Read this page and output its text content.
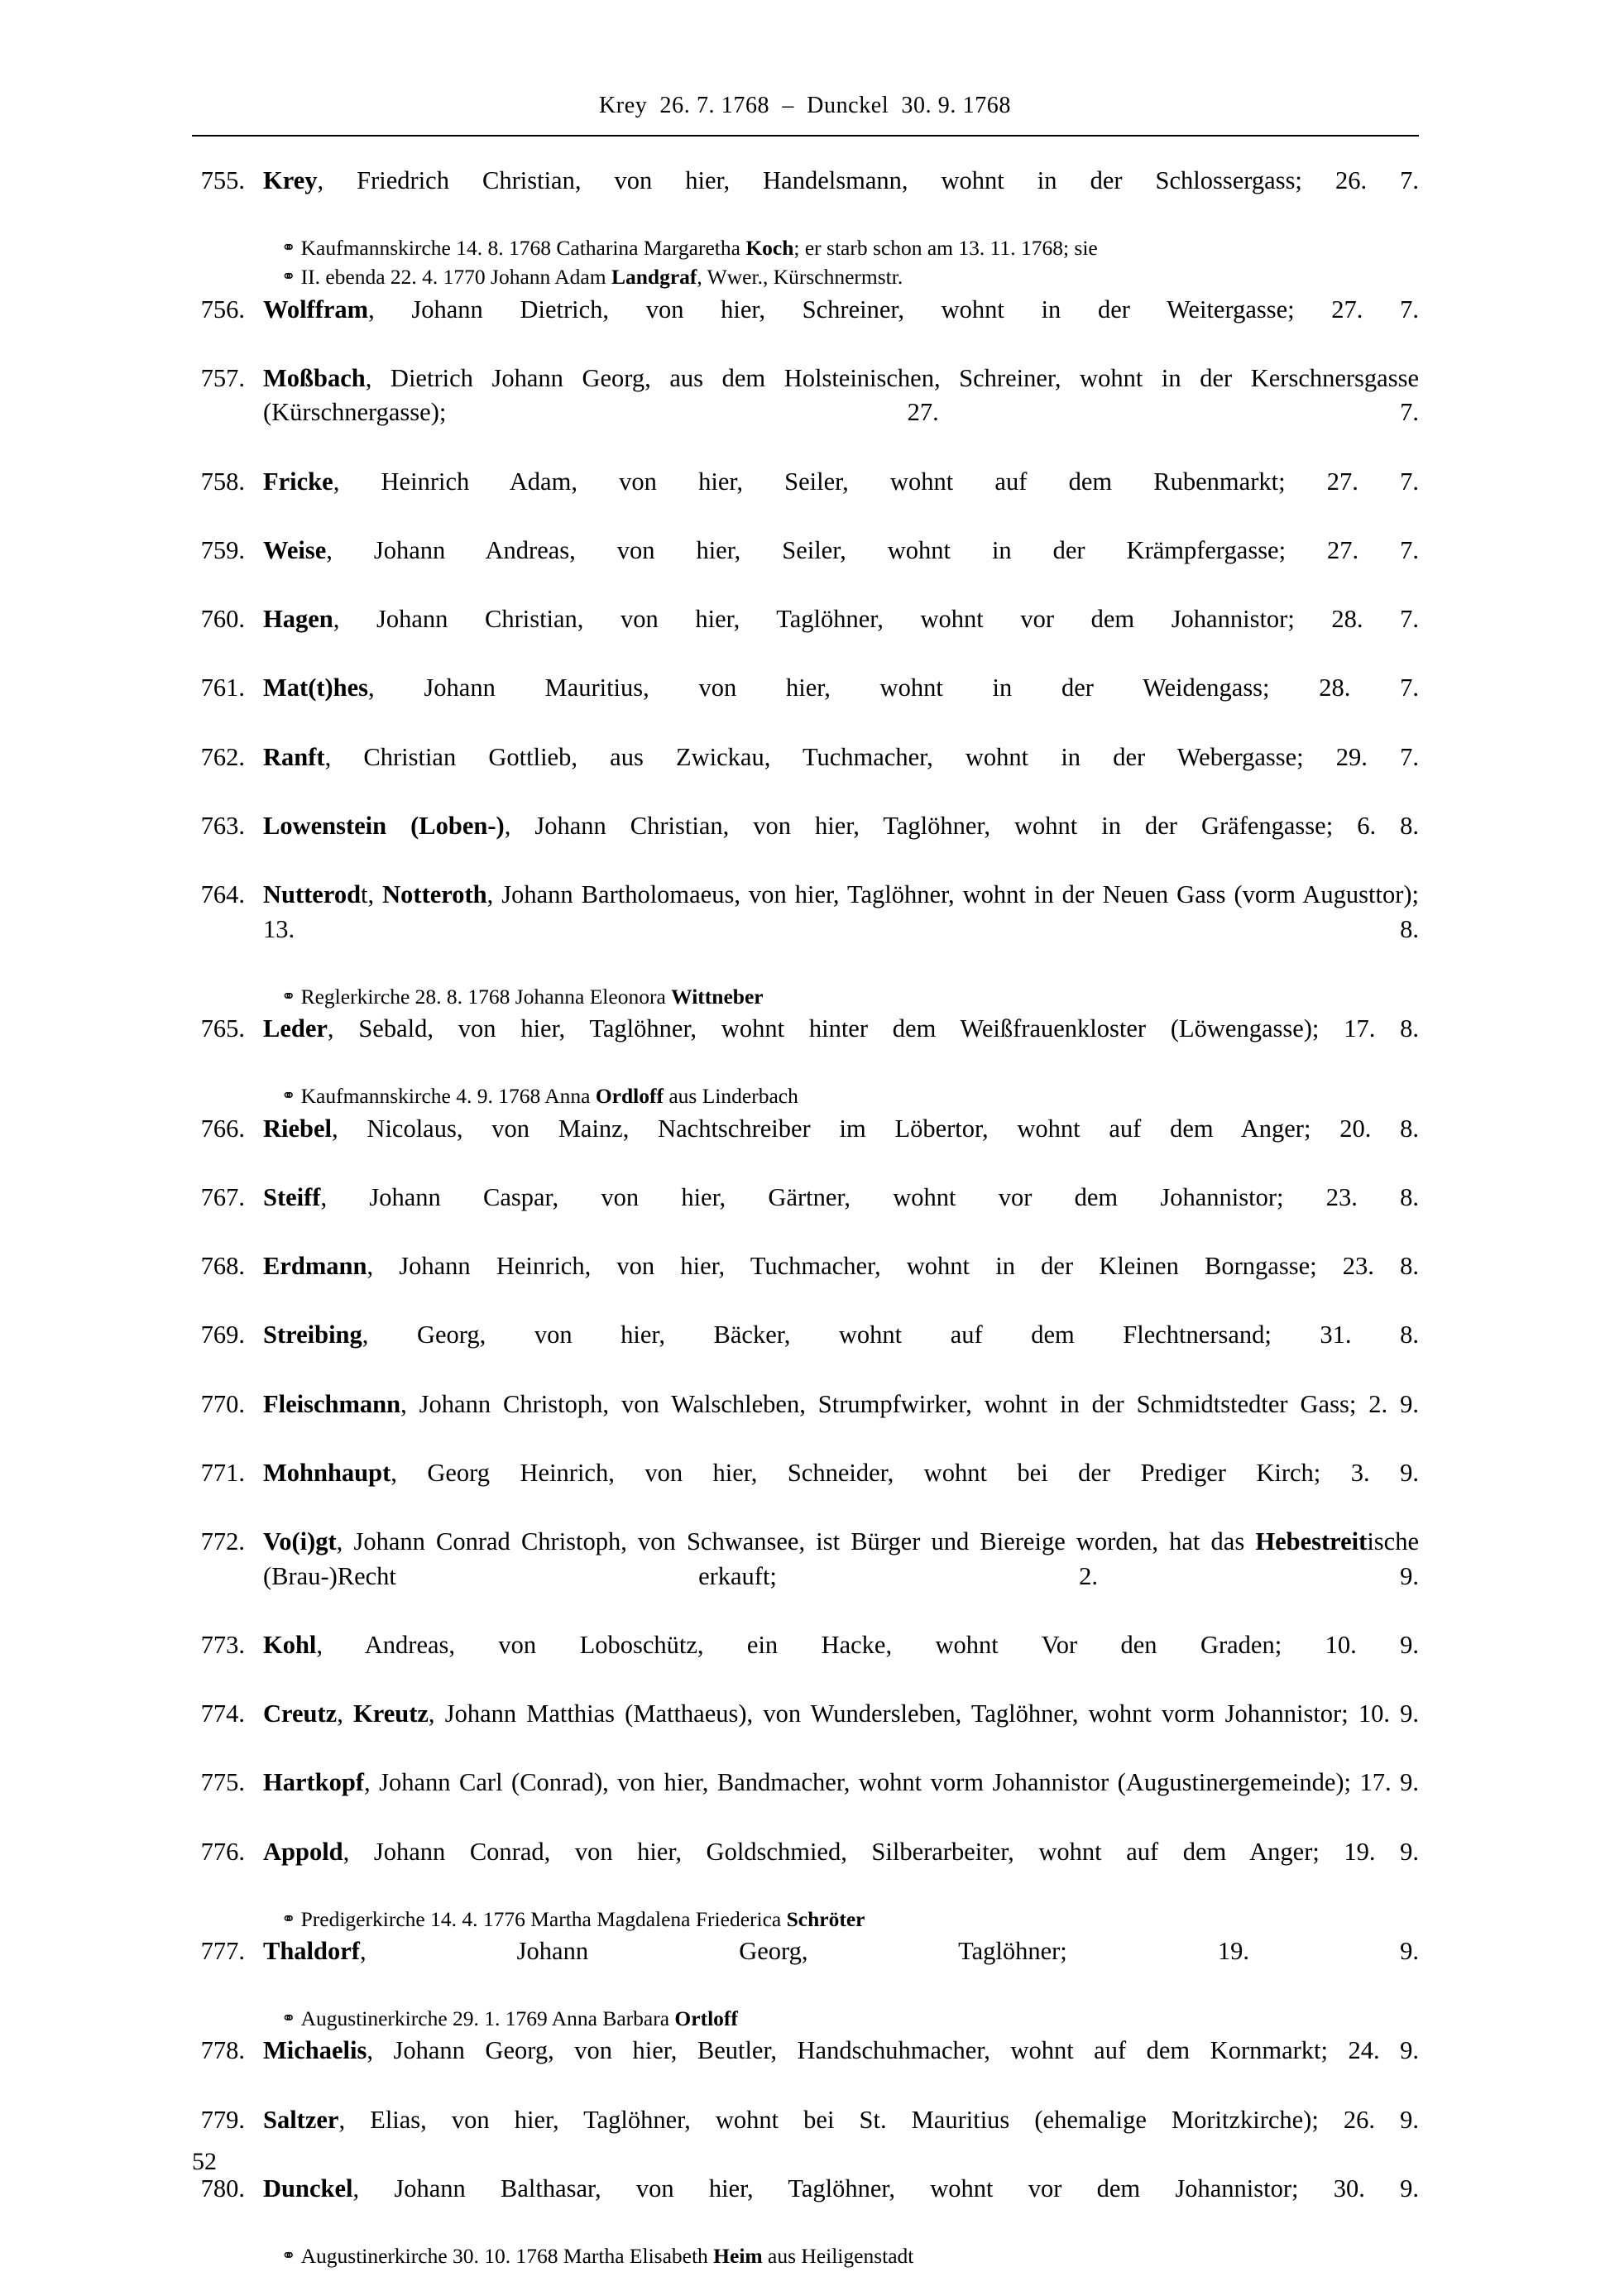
Krey  26. 7. 1768  –  Dunckel  30. 9. 1768
755. Krey, Friedrich Christian, von hier, Handelsmann, wohnt in der Schlossergass; 26. 7.
⚭ Kaufmannskirche 14. 8. 1768 Catharina Margaretha Koch; er starb schon am 13. 11. 1768; sie
⚭ II. ebenda 22. 4. 1770 Johann Adam Landgraf, Wwer., Kürschnermstr.
756. Wolffram, Johann Dietrich, von hier, Schreiner, wohnt in der Weitergasse; 27. 7.
757. Moßbach, Dietrich Johann Georg, aus dem Holsteinischen, Schreiner, wohnt in der Kerschnersgasse (Kürschnergasse); 27. 7.
758. Fricke, Heinrich Adam, von hier, Seiler, wohnt auf dem Rubenmarkt; 27. 7.
759. Weise, Johann Andreas, von hier, Seiler, wohnt in der Krämpfergasse; 27. 7.
760. Hagen, Johann Christian, von hier, Taglöhner, wohnt vor dem Johannistor; 28. 7.
761. Mat(t)hes, Johann Mauritius, von hier, wohnt in der Weidengass; 28. 7.
762. Ranft, Christian Gottlieb, aus Zwickau, Tuchmacher, wohnt in der Webergasse; 29. 7.
763. Lowenstein (Loben-), Johann Christian, von hier, Taglöhner, wohnt in der Gräfengasse; 6. 8.
764. Nutterodt, Notteroth, Johann Bartholomaeus, von hier, Taglöhner, wohnt in der Neuen Gass (vorm Augusttor); 13. 8.
⚭ Reglerkirche 28. 8. 1768 Johanna Eleonora Wittneber
765. Leder, Sebald, von hier, Taglöhner, wohnt hinter dem Weißfrauenkloster (Löwengasse); 17. 8.
⚭ Kaufmannskirche 4. 9. 1768 Anna Ordloff aus Linderbach
766. Riebel, Nicolaus, von Mainz, Nachtschreiber im Löbertor, wohnt auf dem Anger; 20. 8.
767. Steiff, Johann Caspar, von hier, Gärtner, wohnt vor dem Johannistor; 23. 8.
768. Erdmann, Johann Heinrich, von hier, Tuchmacher, wohnt in der Kleinen Borngasse; 23. 8.
769. Streibing, Georg, von hier, Bäcker, wohnt auf dem Flechtnersand; 31. 8.
770. Fleischmann, Johann Christoph, von Walschleben, Strumpfwirker, wohnt in der Schmidtstedter Gass; 2. 9.
771. Mohnhaupt, Georg Heinrich, von hier, Schneider, wohnt bei der Prediger Kirch; 3. 9.
772. Vo(i)gt, Johann Conrad Christoph, von Schwansee, ist Bürger und Biereige worden, hat das Hebestreitische (Brau-)Recht erkauft; 2. 9.
773. Kohl, Andreas, von Loboschütz, ein Hacke, wohnt Vor den Graden; 10. 9.
774. Creutz, Kreutz, Johann Matthias (Matthaeus), von Wundersleben, Taglöhner, wohnt vorm Johannistor; 10. 9.
775. Hartkopf, Johann Carl (Conrad), von hier, Bandmacher, wohnt vorm Johannistor (Augustinergemeinde); 17. 9.
776. Appold, Johann Conrad, von hier, Goldschmied, Silberarbeiter, wohnt auf dem Anger; 19. 9.
⚭ Predigerkirche 14. 4. 1776 Martha Magdalena Friederica Schröter
777. Thaldorf, Johann Georg, Taglöhner; 19. 9.
⚭ Augustinerkirche 29. 1. 1769 Anna Barbara Ortloff
778. Michaelis, Johann Georg, von hier, Beutler, Handschuhmacher, wohnt auf dem Kornmarkt; 24. 9.
779. Saltzer, Elias, von hier, Taglöhner, wohnt bei St. Mauritius (ehemalige Moritzkirche); 26. 9.
780. Dunckel, Johann Balthasar, von hier, Taglöhner, wohnt vor dem Johannistor; 30. 9.
⚭ Augustinerkirche 30. 10. 1768 Martha Elisabeth Heim aus Heiligenstadt
52
